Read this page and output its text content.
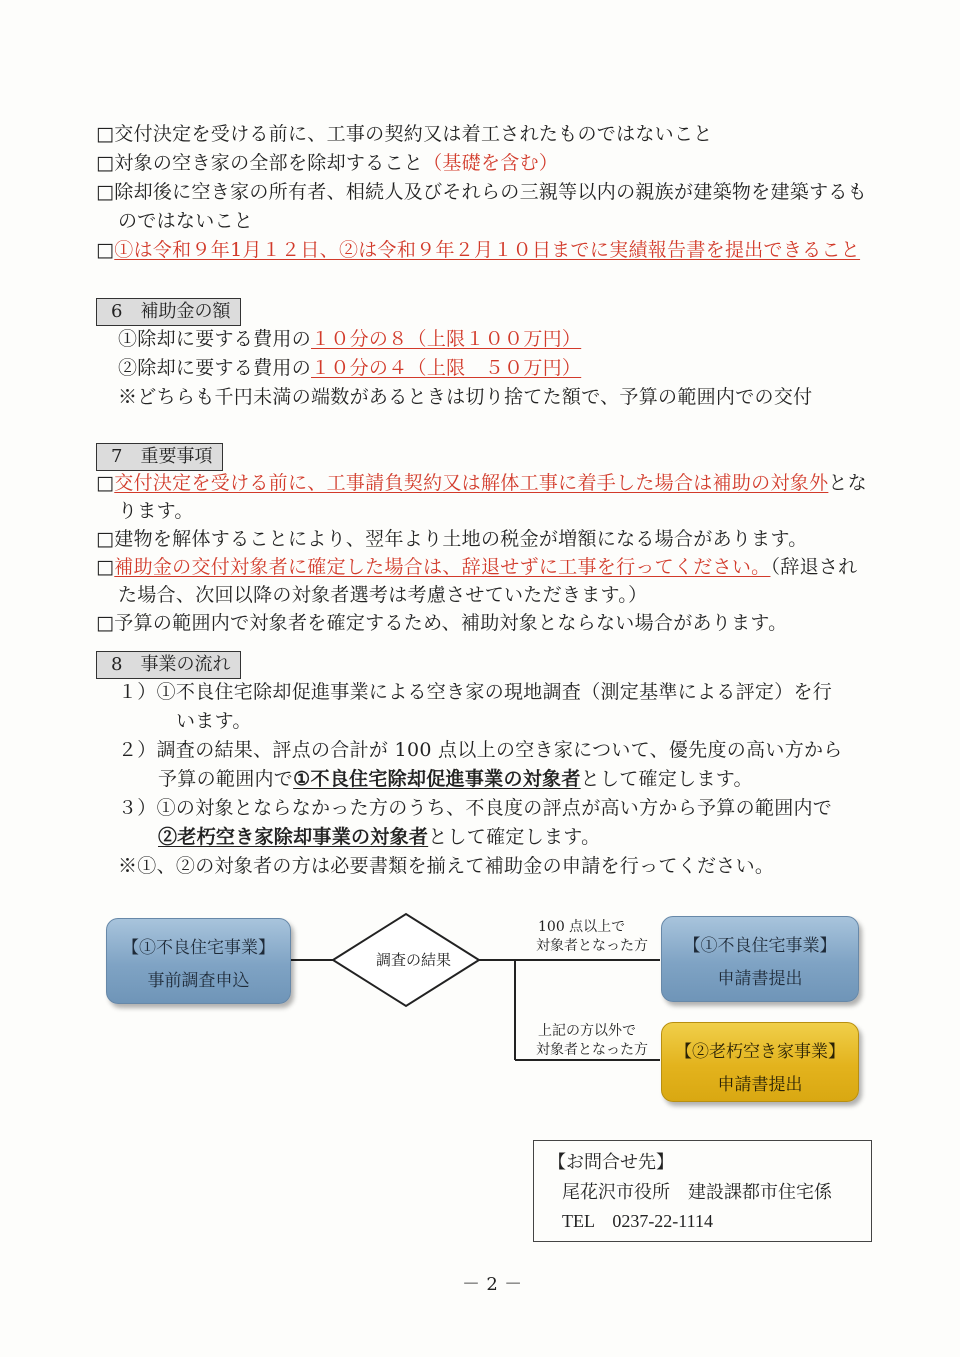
□交付決定を受ける前に、工事の契約又は着工されたものではないこと
□対象の空き家の全部を除却すること（基礎を含む）
□除却後に空き家の所有者、相続人及びそれらの三親等以内の親族が建築物を建築するも
のではないこと
□①は令和９年1月１２日、②は令和９年２月１０日までに実績報告書を提出できること
6　補助金の額
①除却に要する費用の１０分の８（上限１００万円）
②除却に要する費用の１０分の４（上限　５０万円）
※どちらも千円未満の端数があるときは切り捨てた額で、予算の範囲内での交付
7　重要事項
□交付決定を受ける前に、工事請負契約又は解体工事に着手した場合は補助の対象外とな
ります。
□建物を解体することにより、翌年より土地の税金が増額になる場合があります。
□補助金の交付対象者に確定した場合は、辞退せずに工事を行ってください。（辞退され
た場合、次回以降の対象者選考は考慮させていただきます。）
□予算の範囲内で対象者を確定するため、補助対象とならない場合があります。
8　事業の流れ
１）①不良住宅除却促進事業による空き家の現地調査（測定基準による評定）を行
います。
２）調査の結果、評点の合計が 100 点以上の空き家について、優先度の高い方から
予算の範囲内で①不良住宅除却促進事業の対象者として確定します。
３）①の対象とならなかった方のうち、不良度の評点が高い方から予算の範囲内で
②老朽空き家除却事業の対象者として確定します。
※①、②の対象者の方は必要書類を揃えて補助金の申請を行ってください。
【①不良住宅事業】
事前調査申込
調査の結果
100 点以上で
対象者となった方	【①不良住宅事業】
申請書提出
上記の方以外で
対象者となった方	【②老朽空き家事業】
申請書提出
【お問合せ先】
尾花沢市役所　建設課都市住宅係
TEL　0237-22-1114
－ 2 －
